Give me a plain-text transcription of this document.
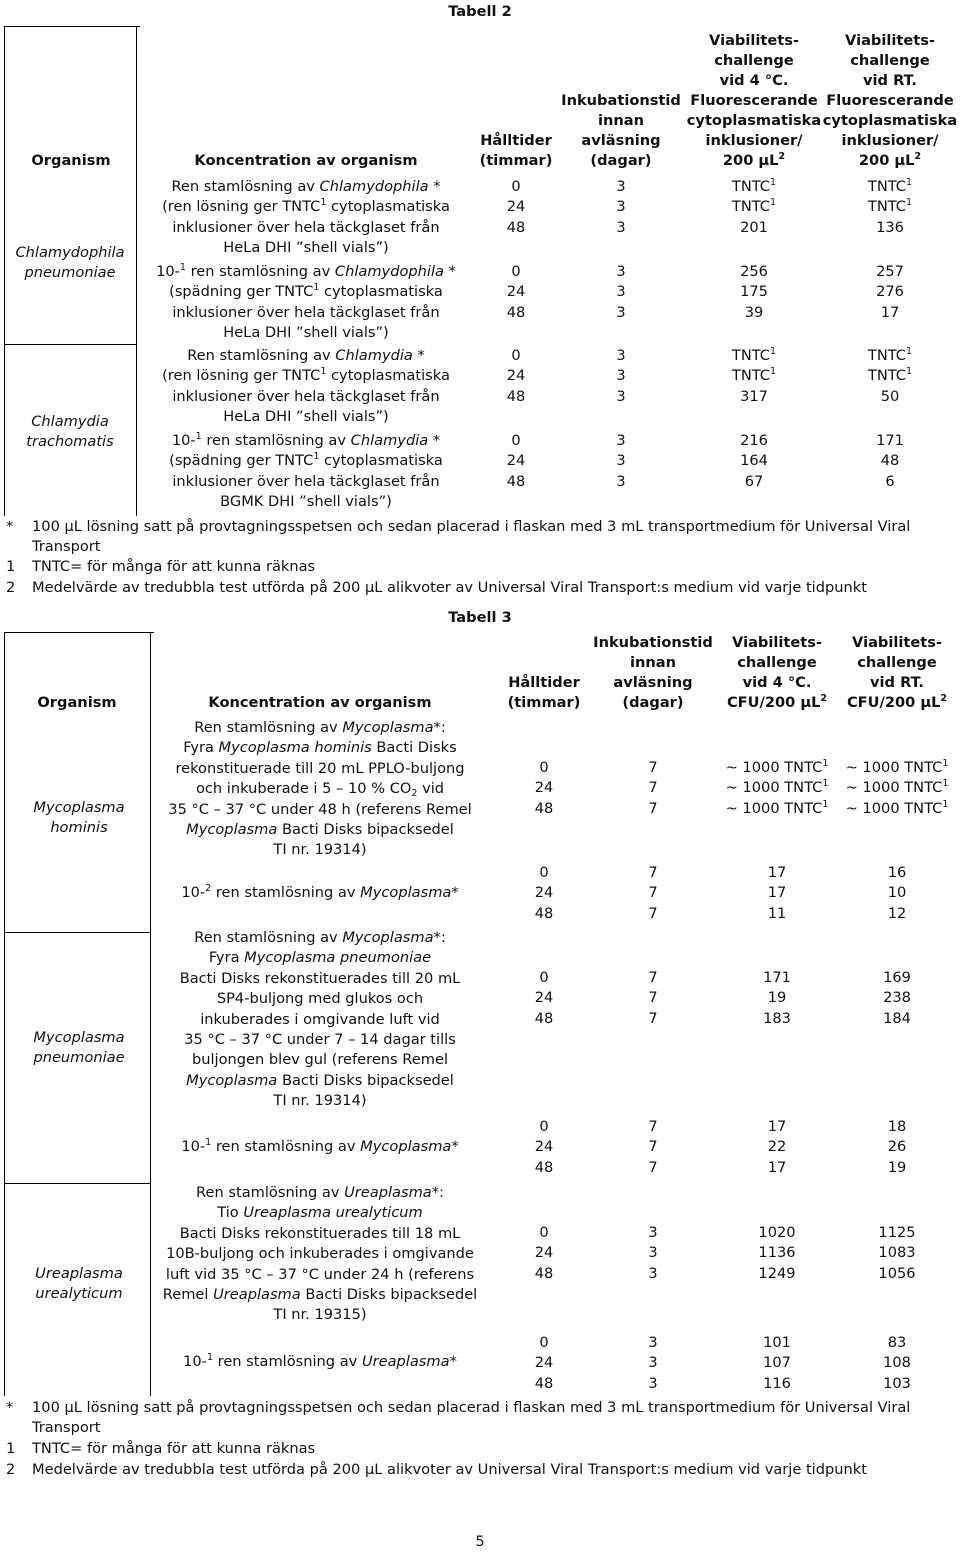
Tabell 2
Organism	Koncentration av organism
Hålltider
(timmar)
Inkubationstid
innan
avläsning
(dagar)
Viabilitets-
challenge
vid 4 °C.
Fluorescerande
cytoplasmatiska
inklusioner/
200 µL$^2$
Viabilitets-
challenge
vid RT.
Fluorescerande
cytoplasmatiska
inklusioner/
200 µL$^2$
Chlamydophila
pneumoniae
Chlamydia
trachomatis
Ren stamlösning av Chlamydophila *
(ren lösning ger TNTC$^1$ cytoplasmatiska
inklusioner över hela täckglaset från
HeLa DHI ”shell vials”)
10-$^1$ ren stamlösning av Chlamydophila *
(spädning ger TNTC$^1$ cytoplasmatiska
inklusioner över hela täckglaset från
HeLa DHI ”shell vials”)
Ren stamlösning av Chlamydia *
(ren lösning ger TNTC$^1$ cytoplasmatiska
inklusioner över hela täckglaset från
HeLa DHI ”shell vials”)
10-$^1$ ren stamlösning av Chlamydia *
(spädning ger TNTC$^1$ cytoplasmatiska
inklusioner över hela täckglaset från
BGMK DHI ”shell vials”)
0
24
48
3
3
3
TNTC$^1$
TNTC$^1$
201
TNTC$^1$
TNTC$^1$
136
0
24
48
3
3
3
256
175
39
257
276
17
0
24
48
3
3
3
TNTC$^1$
TNTC$^1$
317
TNTC$^1$
TNTC$^1$
50
0
24
48
3
3
3
216
164
67
171
48
6
* 100 µL lösning satt på provtagningsspetsen och sedan placerad i flaskan med 3 mL transportmedium för Universal Viral Transport
1 TNTC= för många för att kunna räknas
2 Medelvärde av tredubbla test utförda på 200 µL alikvoter av Universal Viral Transport:s medium vid varje tidpunkt
Tabell 3
Organism	Koncentration av organism
Hålltider
(timmar)
Inkubationstid
innan
avläsning
(dagar)
Viabilitets-
challenge
vid 4 °C.
CFU/200 µL$^2$
Viabilitets-
challenge
vid RT.
CFU/200 µL$^2$
Mycoplasma
hominis
Mycoplasma
pneumoniae
Ureaplasma
urealyticum
Ren stamlösning av Mycoplasma*:
Fyra Mycoplasma hominis Bacti Disks
rekonstituerade till 20 mL PPLO-buljong
och inkuberade i 5 – 10 % $CO_2$ vid
35 °C – 37 °C under 48 h (referens Remel
Mycoplasma Bacti Disks bipacksedel
TI nr. 19314)
10-$^2$ ren stamlösning av Mycoplasma*
Ren stamlösning av Mycoplasma*:
Fyra Mycoplasma pneumoniae
Bacti Disks rekonstituerades till 20 mL
SP4-buljong med glukos och
inkuberades i omgivande luft vid
35 °C – 37 °C under 7 – 14 dagar tills
buljongen blev gul (referens Remel
Mycoplasma Bacti Disks bipacksedel
TI nr. 19314)
10-$^1$ ren stamlösning av Mycoplasma*
Ren stamlösning av Ureaplasma*:
Tio Ureaplasma urealyticum
Bacti Disks rekonstituerades till 18 mL
10B-buljong och inkuberades i omgivande
luft vid 35 °C – 37 °C under 24 h (referens
Remel Ureaplasma Bacti Disks bipacksedel
TI nr. 19315)
10-$^1$ ren stamlösning av Ureaplasma*
0
24
48
7
7
7
~ 1000 TNTC$^1$
~ 1000 TNTC$^1$
~ 1000 TNTC$^1$
~ 1000 TNTC$^1$
~ 1000 TNTC$^1$
~ 1000 TNTC$^1$
0
24
48
7
7
7
17
17
11
16
10
12
0
24
48
7
7
7
171
19
183
169
238
184
0
24
48
7
7
7
17
22
17
18
26
19
0
24
48
3
3
3
1020
1136
1249
1125
1083
1056
0
24
48
3
3
3
101
107
116
83
108
103
* 100 µL lösning satt på provtagningsspetsen och sedan placerad i flaskan med 3 mL transportmedium för Universal Viral Transport
1 TNTC= för många för att kunna räknas
2 Medelvärde av tredubbla test utförda på 200 µL alikvoter av Universal Viral Transport:s medium vid varje tidpunkt
5
